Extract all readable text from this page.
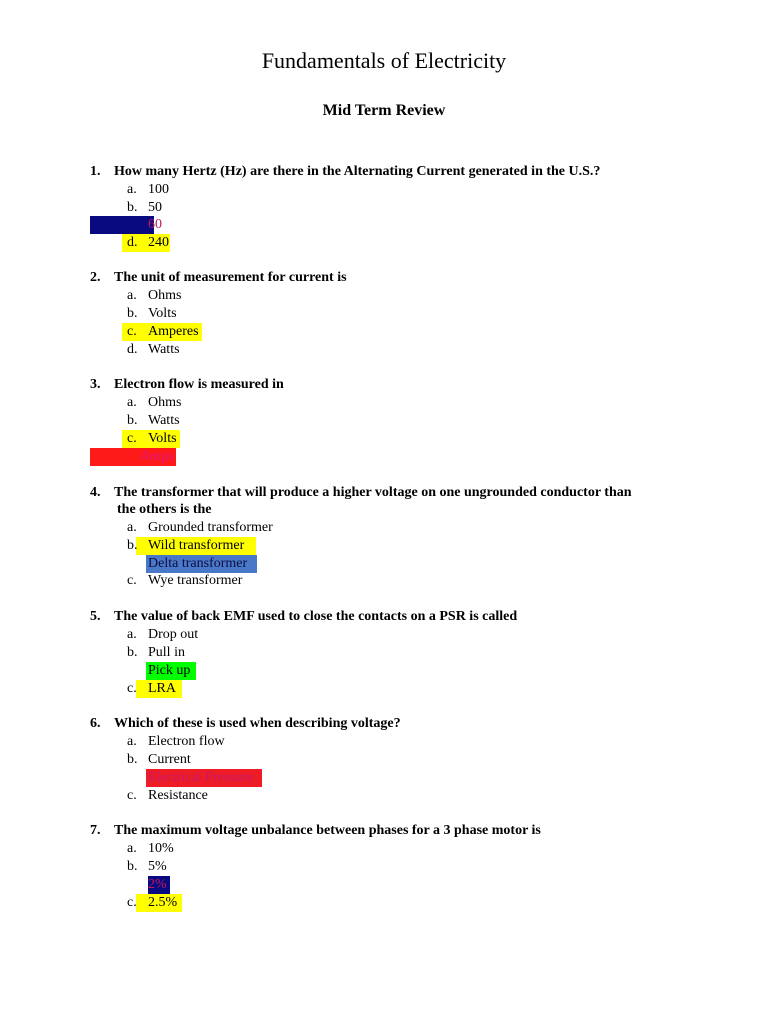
Fundamentals of Electricity
Mid Term Review
1. How many Hertz (Hz) are there in the Alternating Current generated in the U.S.?
a. 100
b. 50
c. 60
d. 240
2. The unit of measurement for current is
a. Ohms
b. Volts
c. Amperes
d. Watts
3. Electron flow is measured in
a. Ohms
b. Watts
c. Volts
Amps
4. The transformer that will produce a higher voltage on one ungrounded conductor than
the others is the
a. Grounded transformer
b. Wild transformer
Delta transformer
c. Wye transformer
5. The value of back EMF used to close the contacts on a PSR is called
a. Drop out
b. Pull in
Pick up
c. LRA
6. Which of these is used when describing voltage?
a. Electron flow
b. Current
Electrical Pressure
c. Resistance
7. The maximum voltage unbalance between phases for a 3 phase motor is
a. 10%
b. 5%
2%
c. 2.5%
